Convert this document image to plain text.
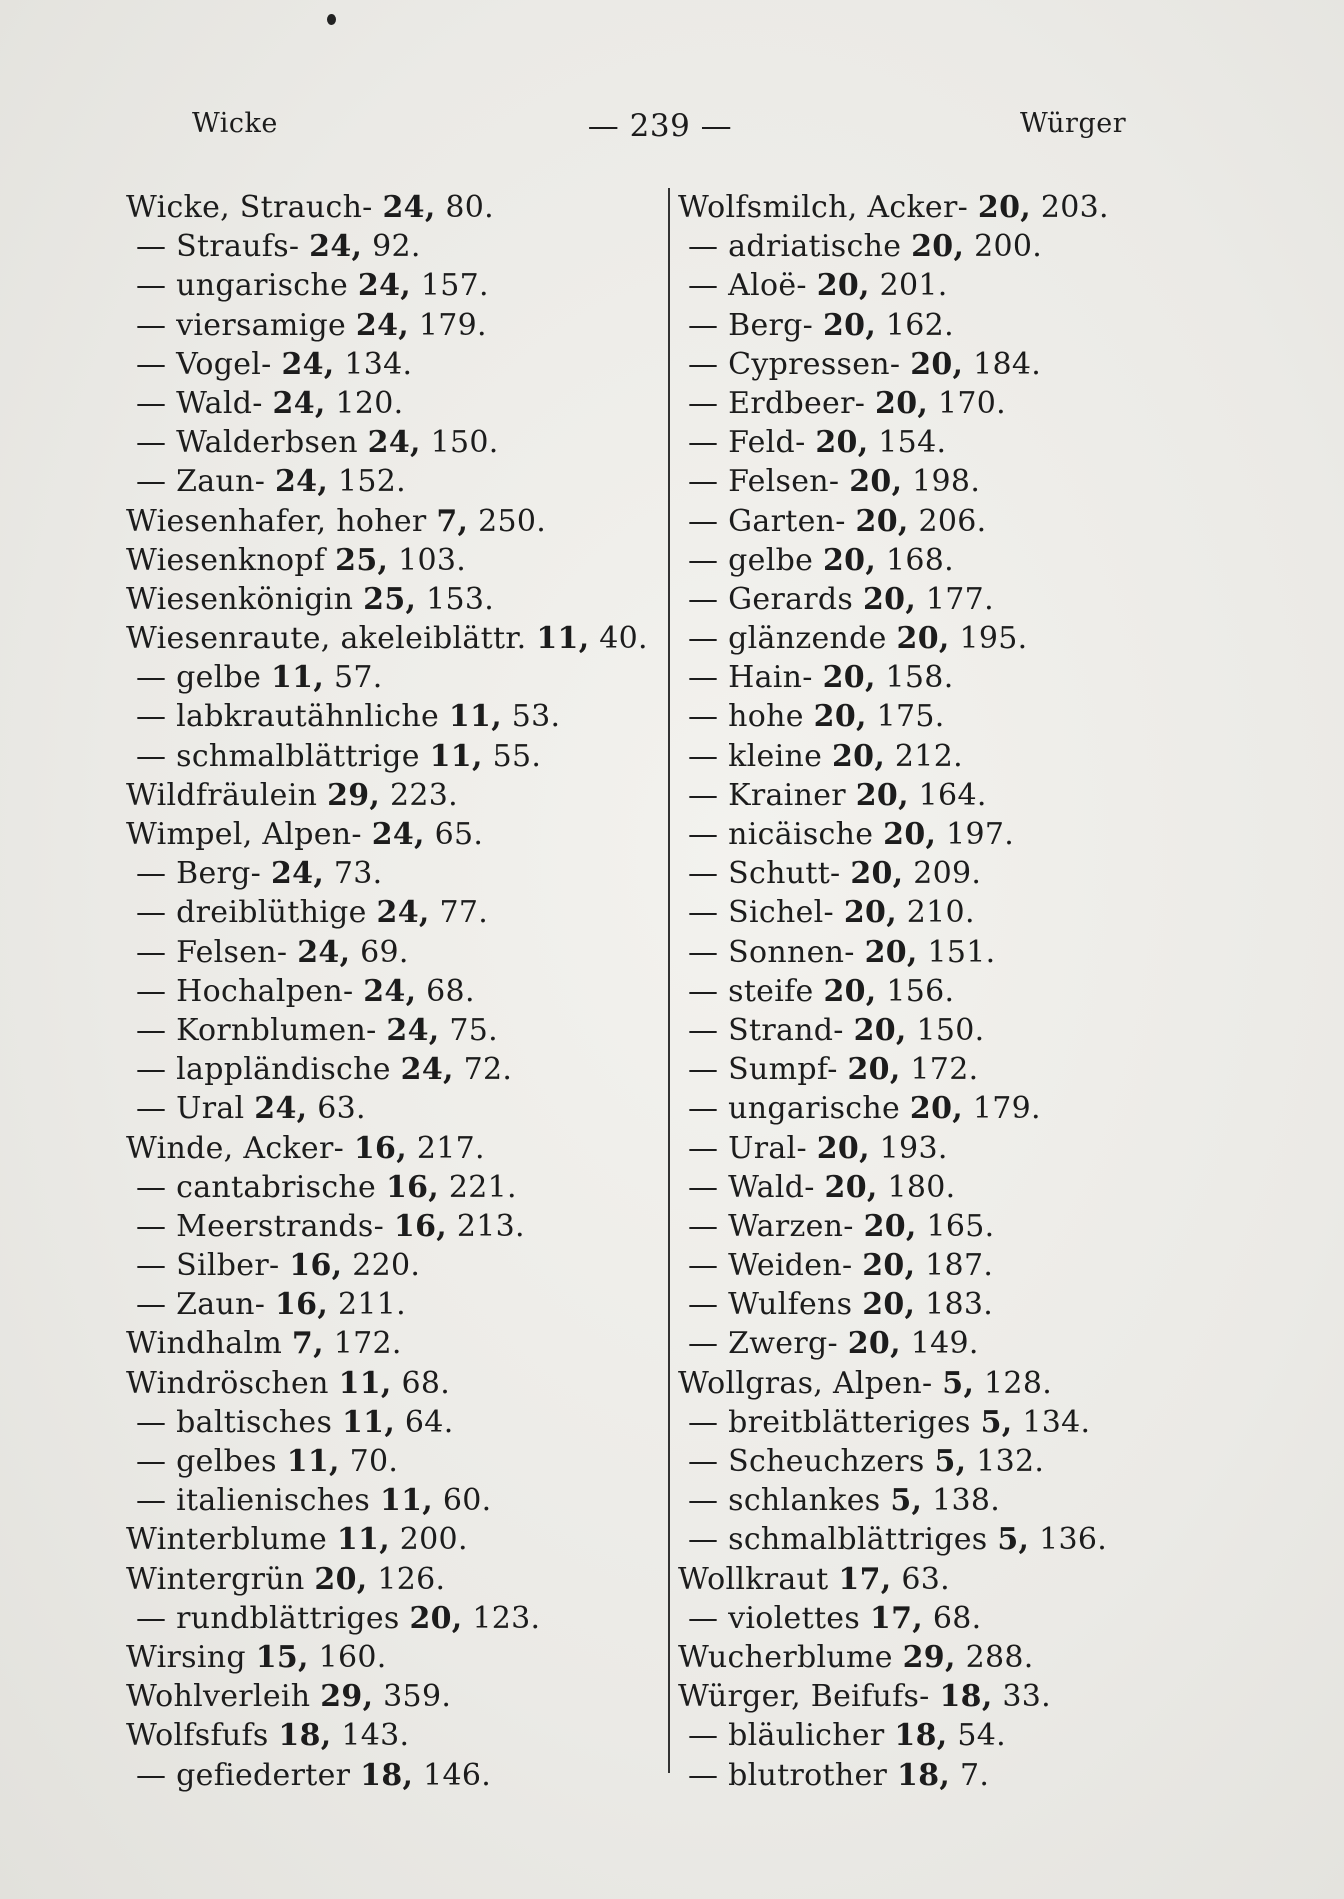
Wicke	— 239 —	Würger
Wicke, Strauch- 24, 80.
— Straufs- 24, 92.
— ungarische 24, 157.
— viersamige 24, 179.
— Vogel- 24, 134.
— Wald- 24, 120.
— Walderbsen 24, 150.
— Zaun- 24, 152.
Wiesenhafer, hoher 7, 250.
Wiesenknopf 25, 103.
Wiesenkönigin 25, 153.
Wiesenraute, akeleiblättr. 11, 40.
— gelbe 11, 57.
— labkrautähnliche 11, 53.
— schmalblättrige 11, 55.
Wildfräulein 29, 223.
Wimpel, Alpen- 24, 65.
— Berg- 24, 73.
— dreiblüthige 24, 77.
— Felsen- 24, 69.
— Hochalpen- 24, 68.
— Kornblumen- 24, 75.
— lappländische 24, 72.
— Ural 24, 63.
Winde, Acker- 16, 217.
— cantabrische 16, 221.
— Meerstrands- 16, 213.
— Silber- 16, 220.
— Zaun- 16, 211.
Windhalm 7, 172.
Windröschen 11, 68.
— baltisches 11, 64.
— gelbes 11, 70.
— italienisches 11, 60.
Winterblume 11, 200.
Wintergrün 20, 126.
— rundblättriges 20, 123.
Wirsing 15, 160.
Wohlverleih 29, 359.
Wolfsfufs 18, 143.
— gefiederter 18, 146.
Wolfsmilch, Acker- 20, 203.
— adriatische 20, 200.
— Aloë- 20, 201.
— Berg- 20, 162.
— Cypressen- 20, 184.
— Erdbeer- 20, 170.
— Feld- 20, 154.
— Felsen- 20, 198.
— Garten- 20, 206.
— gelbe 20, 168.
— Gerards 20, 177.
— glänzende 20, 195.
— Hain- 20, 158.
— hohe 20, 175.
— kleine 20, 212.
— Krainer 20, 164.
— nicäische 20, 197.
— Schutt- 20, 209.
— Sichel- 20, 210.
— Sonnen- 20, 151.
— steife 20, 156.
— Strand- 20, 150.
— Sumpf- 20, 172.
— ungarische 20, 179.
— Ural- 20, 193.
— Wald- 20, 180.
— Warzen- 20, 165.
— Weiden- 20, 187.
— Wulfens 20, 183.
— Zwerg- 20, 149.
Wollgras, Alpen- 5, 128.
— breitblätteriges 5, 134.
— Scheuchzers 5, 132.
— schlankes 5, 138.
— schmalblättriges 5, 136.
Wollkraut 17, 63.
— violettes 17, 68.
Wucherblume 29, 288.
Würger, Beifufs- 18, 33.
— bläulicher 18, 54.
— blutrother 18, 7.
